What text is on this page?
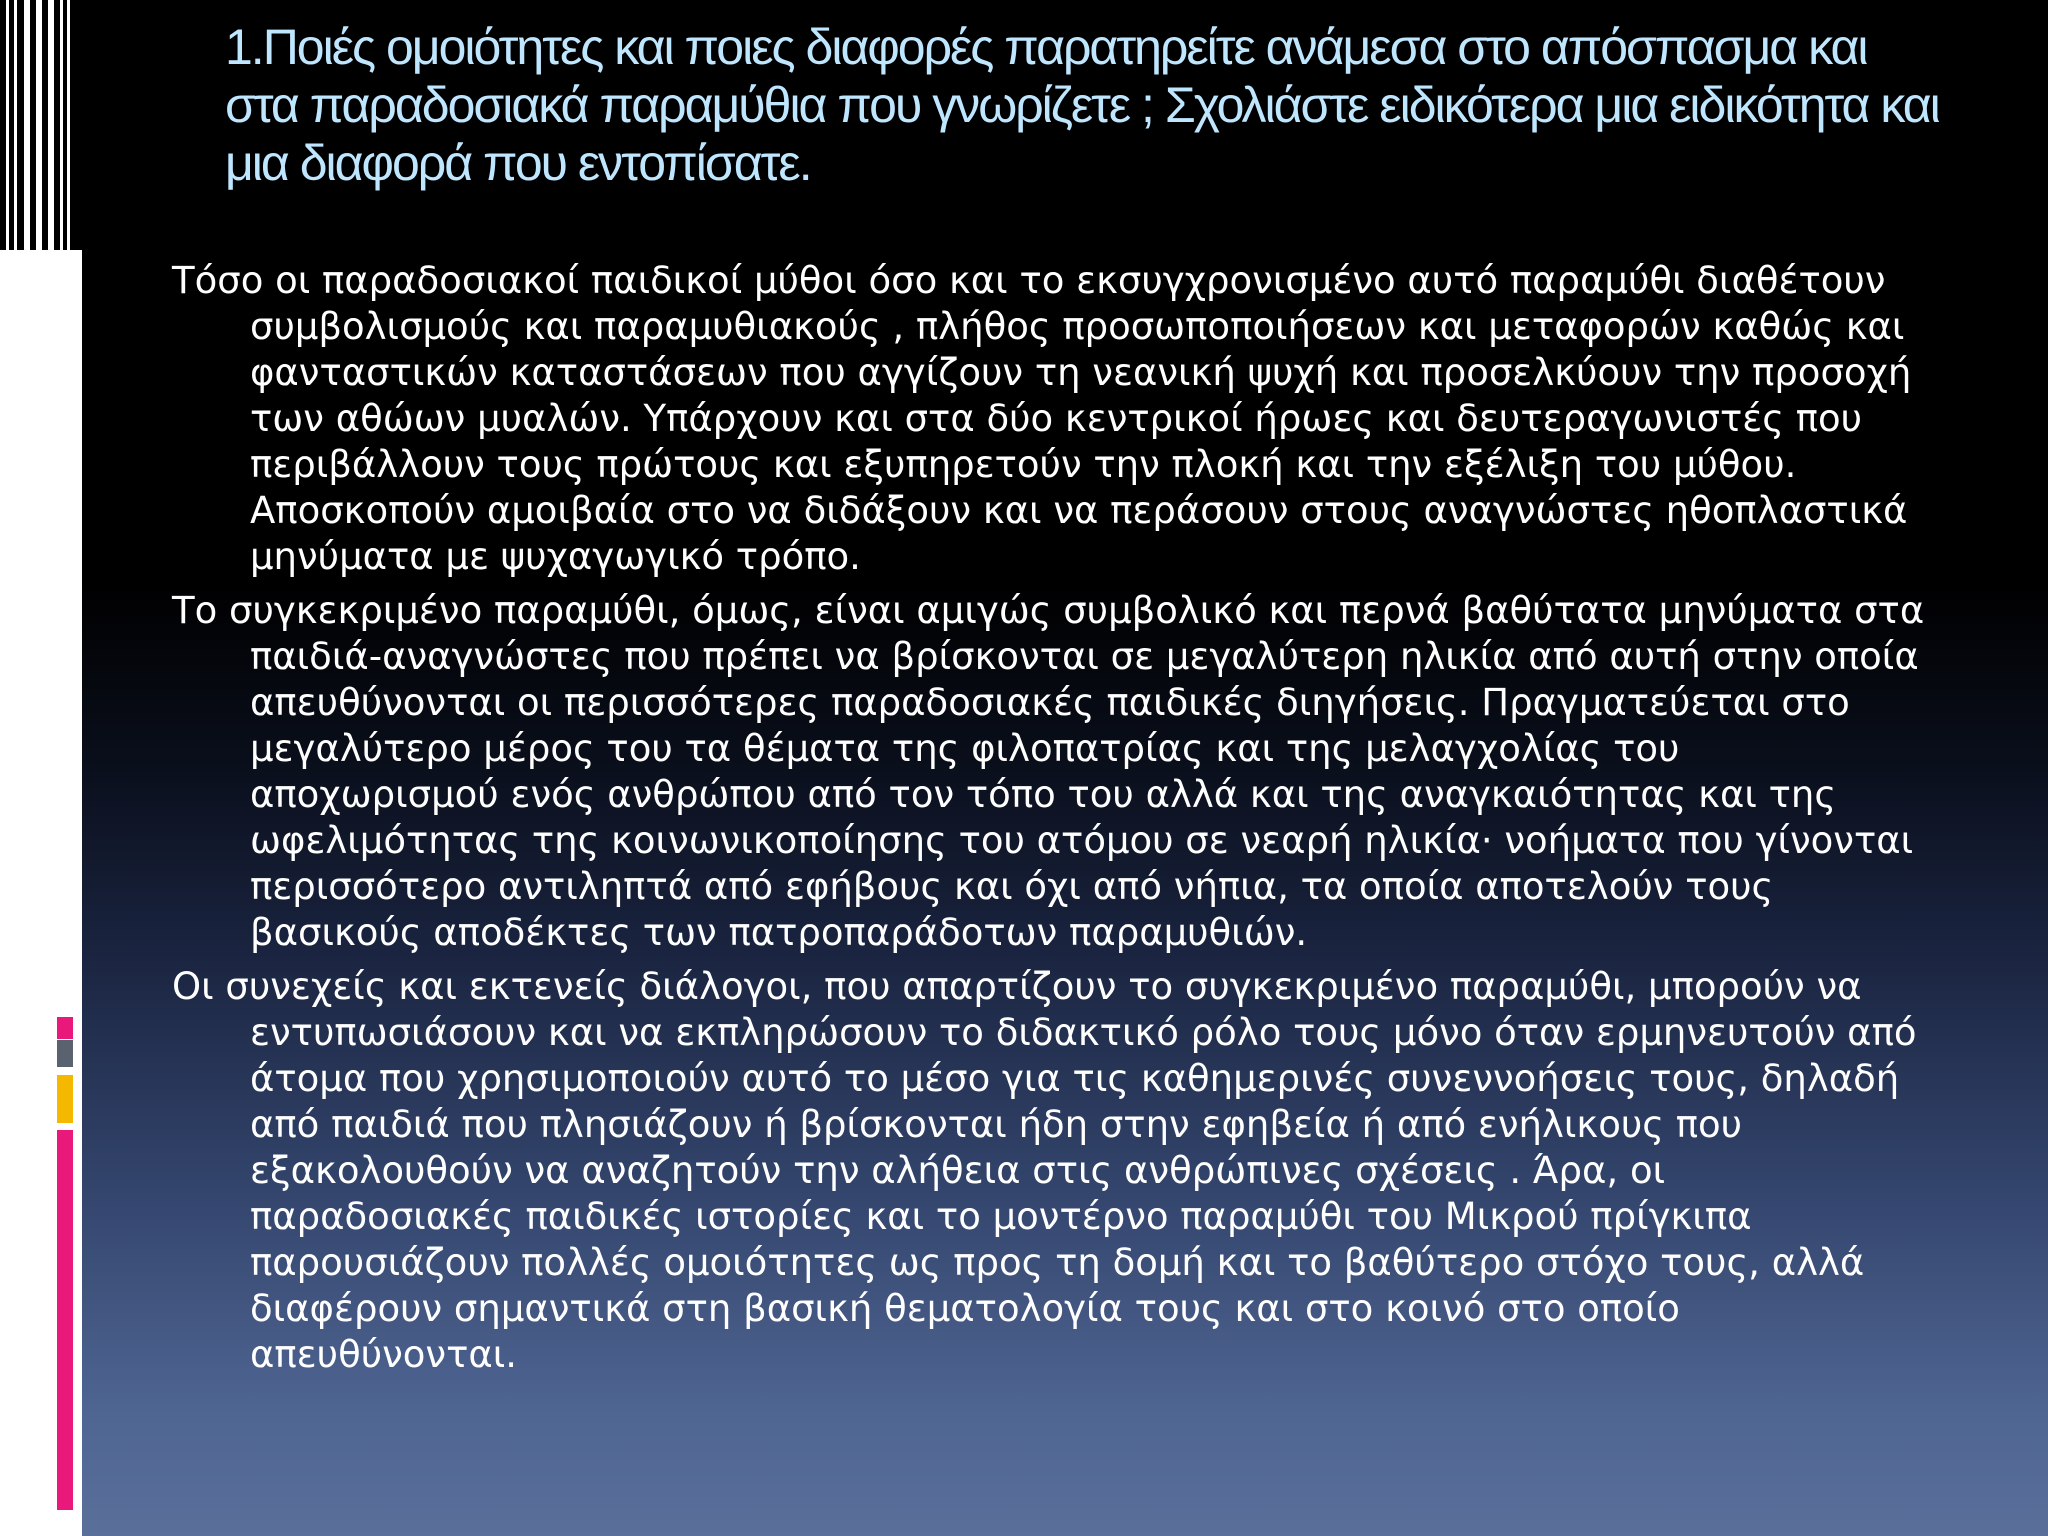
1.Ποιές ομοιότητες και ποιες διαφορές παρατηρείτε ανάμεσα στο απόσπασμα και στα παραδοσιακά παραμύθια που γνωρίζετε ; Σχολιάστε ειδικότερα μια ειδικότητα και μια διαφορά που εντοπίσατε.

Τόσο οι παραδοσιακοί παιδικοί μύθοι όσο και το εκσυγχρονισμένο αυτό παραμύθι διαθέτουν συμβολισμούς και παραμυθιακούς , πλήθος προσωποποιήσεων και μεταφορών καθώς και φανταστικών καταστάσεων που αγγίζουν τη νεανική ψυχή και προσελκύουν την προσοχή των αθώων μυαλών. Υπάρχουν και στα δύο κεντρικοί ήρωες και δευτεραγωνιστές που περιβάλλουν τους πρώτους και εξυπηρετούν την πλοκή και την εξέλιξη του μύθου. Αποσκοπούν αμοιβαία στο να διδάξουν και να περάσουν στους αναγνώστες ηθοπλαστικά μηνύματα με ψυχαγωγικό τρόπο.

Το συγκεκριμένο παραμύθι, όμως, είναι αμιγώς συμβολικό και περνά βαθύτατα μηνύματα στα παιδιά-αναγνώστες που πρέπει να βρίσκονται σε μεγαλύτερη ηλικία από αυτή στην οποία απευθύνονται οι περισσότερες παραδοσιακές παιδικές διηγήσεις. Πραγματεύεται στο μεγαλύτερο μέρος του τα θέματα της φιλοπατρίας και της μελαγχολίας του αποχωρισμού ενός ανθρώπου από τον τόπο του αλλά και της αναγκαιότητας και της ωφελιμότητας της κοινωνικοποίησης του ατόμου σε νεαρή ηλικία· νοήματα που γίνονται περισσότερο αντιληπτά από εφήβους και όχι από νήπια, τα οποία αποτελούν τους βασικούς αποδέκτες των πατροπαράδοτων παραμυθιών.

Οι συνεχείς και εκτενείς διάλογοι, που απαρτίζουν το συγκεκριμένο παραμύθι, μπορούν να εντυπωσιάσουν και να εκπληρώσουν το διδακτικό ρόλο τους μόνο όταν ερμηνευτούν από άτομα που χρησιμοποιούν αυτό το μέσο για τις καθημερινές συνεννοήσεις τους, δηλαδή από παιδιά που πλησιάζουν ή βρίσκονται ήδη στην εφηβεία ή από ενήλικους που εξακολουθούν να αναζητούν την αλήθεια στις ανθρώπινες σχέσεις . Άρα, οι παραδοσιακές παιδικές ιστορίες και το μοντέρνο παραμύθι του Μικρού πρίγκιπα παρουσιάζουν πολλές ομοιότητες ως προς τη δομή και το βαθύτερο στόχο τους, αλλά διαφέρουν σημαντικά στη βασική θεματολογία τους και στο κοινό στο οποίο απευθύνονται.
